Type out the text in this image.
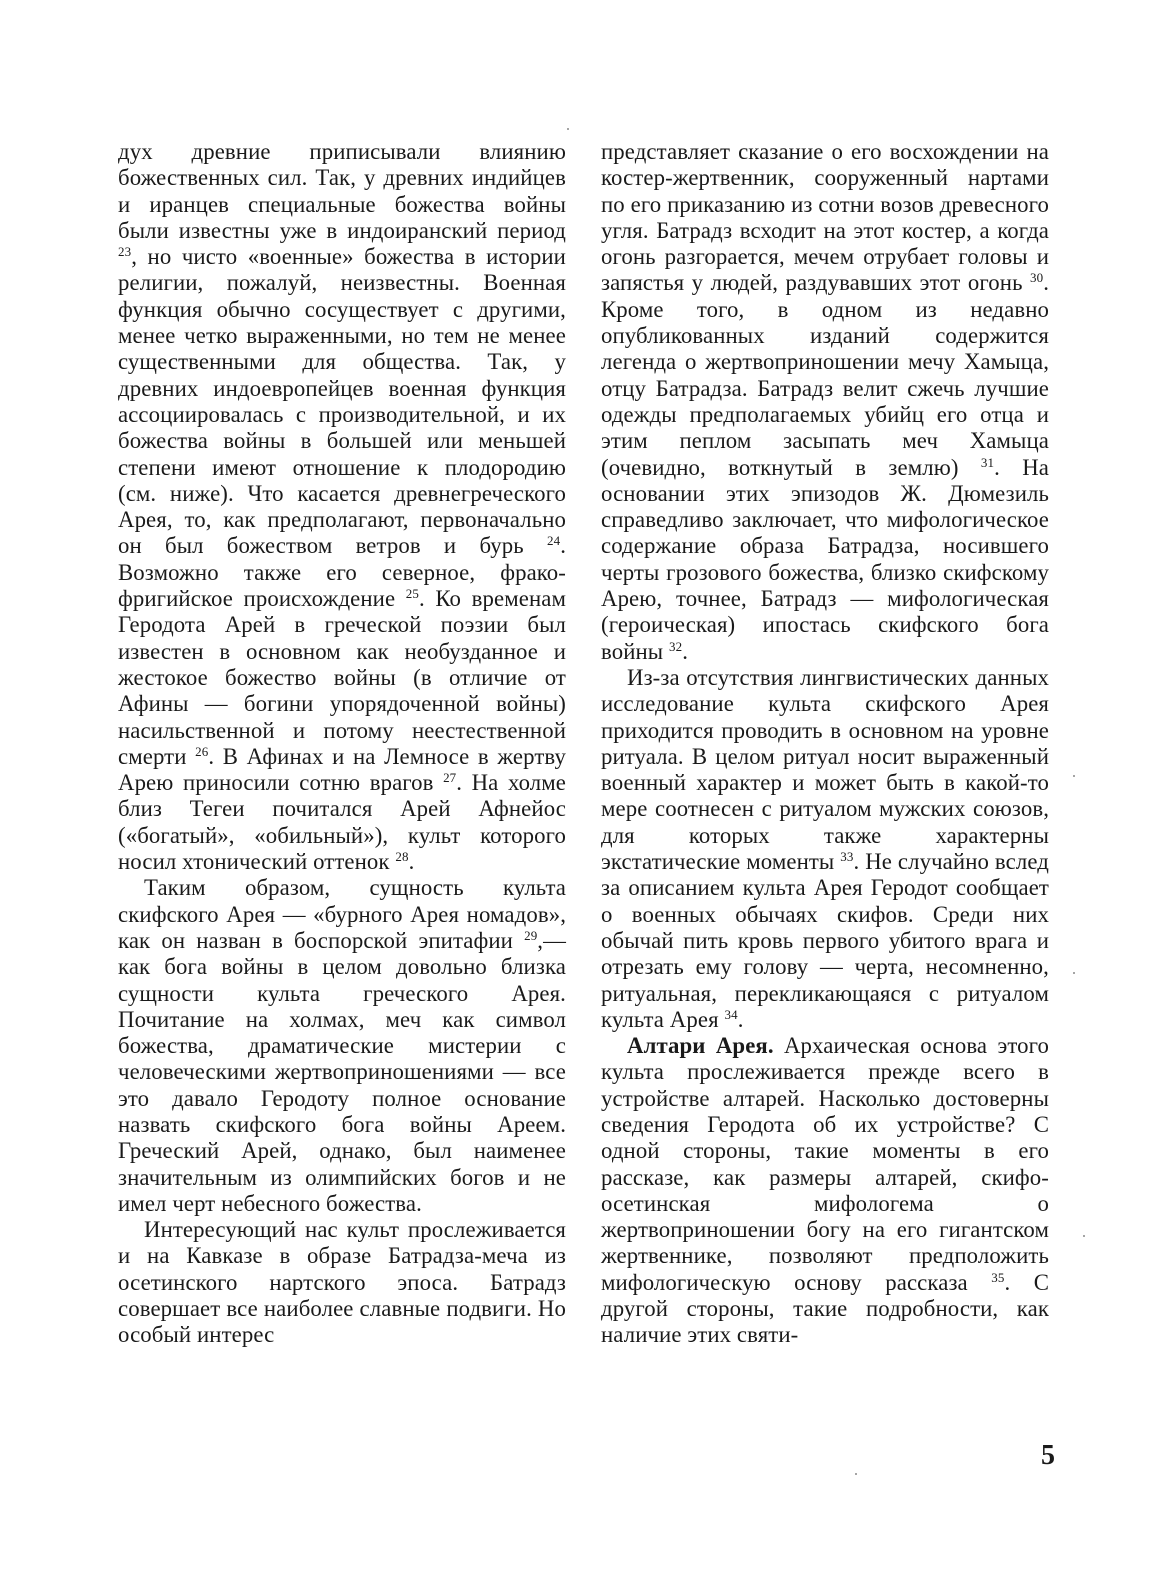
дух древние приписывали влиянию божественных сил. Так, у древних индийцев и иранцев специальные божества войны были известны уже в индоиранский период $^{23}$, но чисто «военные» божества в истории религии, пожалуй, неизвестны. Военная функция обычно сосуществует с другими, менее четко выраженными, но тем не менее существенными для общества. Так, у древних индоевропейцев военная функция ассоциировалась с производительной, и их божества войны в большей или меньшей степени имеют отношение к плодородию (см. ниже). Что касается древнегреческого Арея, то, как предполагают, первоначально он был божеством ветров и бурь $^{24}$. Возможно также его северное, фрако-фригийское происхождение $^{25}$. Ко временам Геродота Арей в греческой поэзии был известен в основном как необузданное и жестокое божество войны (в отличие от Афины — богини упорядоченной войны) насильственной и потому неестественной смерти $^{26}$. В Афинах и на Лемносе в жертву Арею приносили сотню врагов $^{27}$. На холме близ Тегеи почитался Арей Афнейос («богатый», «обильный»), культ которого носил хтонический оттенок $^{28}$.

Таким образом, сущность культа скифского Арея — «бурного Арея номадов», как он назван в боспорской эпитафии $^{29}$,— как бога войны в целом довольно близка сущности культа греческого Арея. Почитание на холмах, меч как символ божества, драматические мистерии с человеческими жертвоприношениями — все это давало Геродоту полное основание назвать скифского бога войны Ареем. Греческий Арей, однако, был наименее значительным из олимпийских богов и не имел черт небесного божества.

Интересующий нас культ прослеживается и на Кавказе в образе Батрадза-меча из осетинского нартского эпоса. Батрадз совершает все наиболее славные подвиги. Но особый интерес

представляет сказание о его восхождении на костер-жертвенник, сооруженный нартами по его приказанию из сотни возов древесного угля. Батрадз всходит на этот костер, а когда огонь разгорается, мечем отрубает головы и запястья у людей, раздувавших этот огонь $^{30}$. Кроме того, в одном из недавно опубликованных изданий содержится легенда о жертвоприношении мечу Хамыца, отцу Батрадза. Батрадз велит сжечь лучшие одежды предполагаемых убийц его отца и этим пеплом засыпать меч Хамыца (очевидно, воткнутый в землю) $^{31}$. На основании этих эпизодов Ж. Дюмезиль справедливо заключает, что мифологическое содержание образа Батрадза, носившего черты грозового божества, близко скифскому Арею, точнее, Батрадз — мифологическая (героическая) ипостась скифского бога войны $^{32}$.

Из-за отсутствия лингвистических данных исследование культа скифского Арея приходится проводить в основном на уровне ритуала. В целом ритуал носит выраженный военный характер и может быть в какой-то мере соотнесен с ритуалом мужских союзов, для которых также характерны экстатические моменты $^{33}$. Не случайно вслед за описанием культа Арея Геродот сообщает о военных обычаях скифов. Среди них обычай пить кровь первого убитого врага и отрезать ему голову — черта, несомненно, ритуальная, перекликающаяся с ритуалом культа Арея $^{34}$.

Алтари Арея. Архаическая основа этого культа прослеживается прежде всего в устройстве алтарей. Насколько достоверны сведения Геродота об их устройстве? С одной стороны, такие моменты в его рассказе, как размеры алтарей, скифо-осетинская мифологема о жертвоприношении богу на его гигантском жертвеннике, позволяют предположить мифологическую основу рассказа $^{35}$. С другой стороны, такие подробности, как наличие этих святи-

5
